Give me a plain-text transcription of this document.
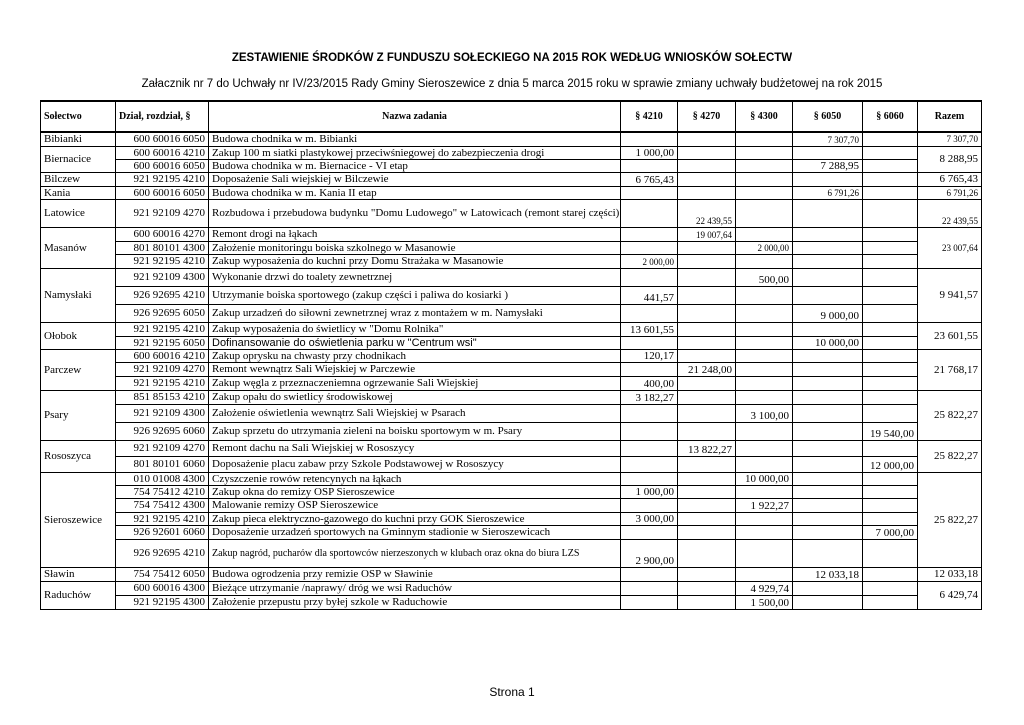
ZESTAWIENIE ŚRODKÓW Z FUNDUSZU SOŁECKIEGO NA 2015 ROK WEDŁUG WNIOSKÓW SOŁECTW
Załacznik nr 7 do Uchwały nr IV/23/2015 Rady Gminy Sieroszewice z dnia 5 marca 2015 roku w sprawie zmiany uchwały budżetowej na rok 2015
Sołectwo	Dział, rozdział, §	Nazwa zadania	§ 4210	§ 4270	§ 4300	§ 6050	§ 6060	Razem
Bibianki	600 60016 6050	Budowa chodnika w m. Bibianki				7 307,70		7 307,70
Biernacice	600 60016 4210	Zakup 100 m siatki plastykowej przeciwśniegowej do zabezpieczenia drogi	1 000,00					8 288,95
	600 60016 6050	Budowa chodnika w m. Biernacice - VI etap				7 288,95		
Bilczew	921 92195 4210	Doposażenie Sali wiejskiej w Bilczewie	6 765,43					6 765,43
Kania	600 60016 6050	Budowa chodnika w m. Kania II etap				6 791,26		6 791,26
Latowice	921 92109 4270	Rozbudowa i przebudowa budynku "Domu Ludowego" w Latowicach (remont starej części)		22 439,55				22 439,55
Masanów	600 60016 4270	Remont drogi na łąkach		19 007,64				23 007,64
	801 80101 4300	Założenie monitoringu boiska szkolnego w Masanowie			2 000,00			
	921 92195 4210	Zakup wyposażenia do kuchni przy Domu Strażaka w Masanowie	2 000,00					
Namysłaki	921 92109 4300	Wykonanie drzwi do toalety zewnetrznej			500,00			9 941,57
	926 92695 4210	Utrzymanie boiska sportowego (zakup części i paliwa do kosiarki )	441,57					
	926 92695 6050	Zakup urzadzeń do siłowni zewnetrznej wraz z montażem w m. Namysłaki				9 000,00		
Ołobok	921 92195 4210	Zakup wyposażenia do świetlicy w "Domu Rolnika"	13 601,55					23 601,55
	921 92195 6050	Dofinansowanie do oświetlenia parku w "Centrum wsi"				10 000,00		
Parczew	600 60016 4210	Zakup oprysku na chwasty przy chodnikach	120,17					21 768,17
	921 92109 4270	Remont wewnątrz Sali Wiejskiej w Parczewie		21 248,00				
	921 92195 4210	Zakup węgla z przeznaczeniemna ogrzewanie Sali Wiejskiej	400,00					
Psary	851 85153 4210	Zakup opału do swietlicy środowiskowej	3 182,27					25 822,27
	921 92109 4300	Założenie oświetlenia wewnątrz Sali Wiejskiej w Psarach			3 100,00			
	926 92695 6060	Zakup sprzetu do utrzymania zieleni na boisku sportowym w m. Psary					19 540,00	
Rososzyca	921 92109 4270	Remont dachu na Sali Wiejskiej w Rososzycy		13 822,27				25 822,27
	801 80101 6060	Doposażenie placu zabaw przy Szkole Podstawowej w Rososzycy					12 000,00	
Sieroszewice	010 01008 4300	Czyszczenie rowów retencynych na łąkach			10 000,00			25 822,27
	754 75412 4210	Zakup okna do remizy OSP Sieroszewice	1 000,00					
	754 75412 4300	Malowanie remizy OSP Sieroszewice			1 922,27			
	921 92195 4210	Zakup pieca elektryczno-gazowego do kuchni przy GOK Sieroszewice	3 000,00					
	926 92601 6060	Doposażenie urzadzeń sportowych na Gminnym stadionie w Sieroszewicach					7 000,00	
	926 92695 4210	Zakup nagród, pucharów dla sportowców nierzeszonych w klubach oraz okna do biura LZS	2 900,00					
Sławin	754 75412 6050	Budowa ogrodzenia przy remizie OSP w Sławinie				12 033,18		12 033,18
Raduchów	600 60016 4300	Bieżące utrzymanie /naprawy/ dróg we wsi Raduchów			4 929,74			6 429,74
	921 92195 4300	Założenie przepustu przy byłej szkole w Raduchowie			1 500,00			
Strona 1
